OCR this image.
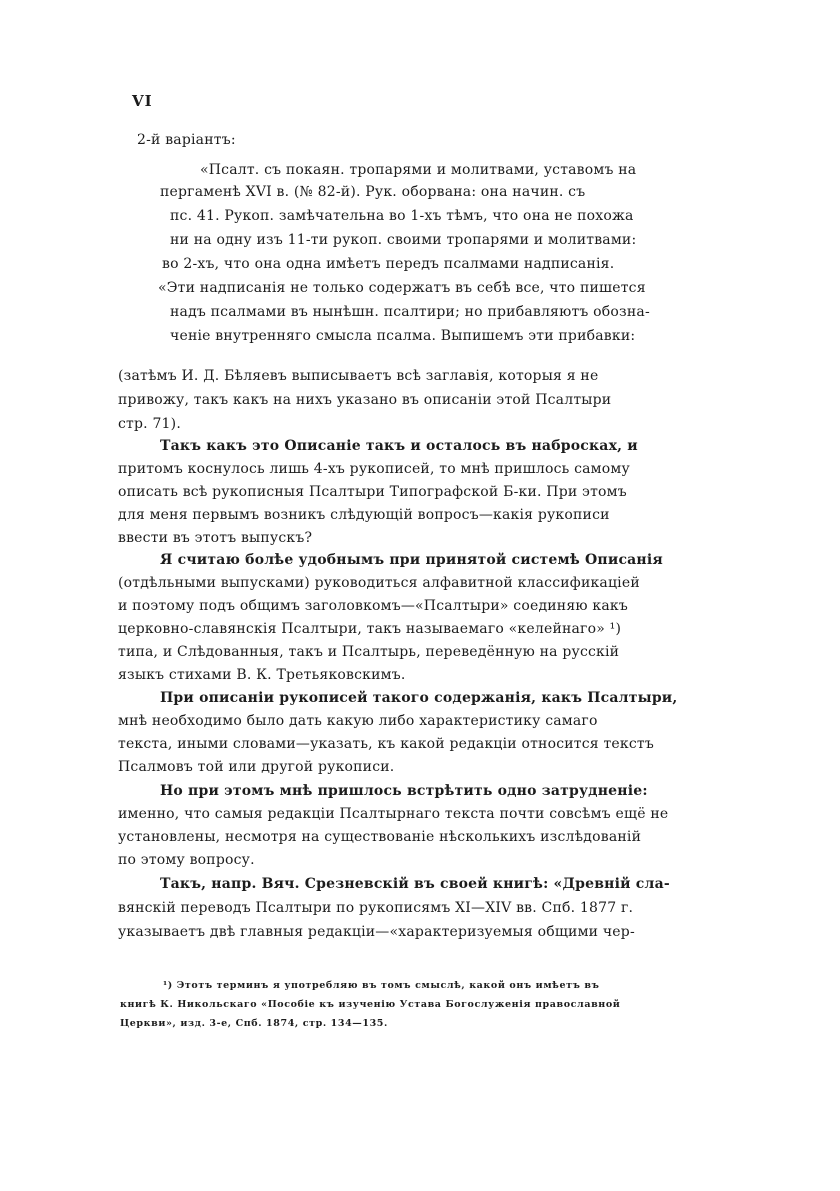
VI
2-й варіантъ:
«Псалт. съ покаян. тропарями и молитвами, уставомъ на
пергаменѣ XVI в. (№ 82-й). Рук. оборвана: она начин. съ
пс. 41. Рукоп. замѣчательна во 1-хъ тѣмъ, что она не похожа
ни на одну изъ 11-ти рукоп. своими тропарями и молитвами:
во 2-хъ, что она одна имѣетъ передъ псалмами надписанія.
«Эти надписанія не только содержатъ въ себѣ все, что пишется
надъ псалмами въ нынѣшн. псалтири; но прибавляютъ обозна-
ченіе внутренняго смысла псалма. Выпишемъ эти прибавки:
(затѣмъ И. Д. Бѣляевъ выписываетъ всѣ заглавія, которыя я не
привожу, такъ какъ на нихъ указано въ описаніи этой Псалтыри
стр. 71).
Такъ какъ это Описаніе такъ и осталось въ набросках, и
притомъ коснулось лишь 4-хъ рукописей, то мнѣ пришлось самому
описать всѣ рукописныя Псалтыри Типографской Б-ки. При этомъ
для меня первымъ возникъ слѣдующій вопросъ—какія рукописи
ввести въ этотъ выпускъ?
Я считаю болѣе удобнымъ при принятой системѣ Описанія
(отдѣльными выпусками) руководиться алфавитной классификаціей
и поэтому подъ общимъ заголовкомъ—«Псалтыри» соединяю какъ
церковно-славянскія Псалтыри, такъ называемаго «келейнаго» ¹)
типа, и Слѣдованныя, такъ и Псалтырь, переведённую на русскій
языкъ стихами В. К. Третьяковскимъ.
При описаніи рукописей такого содержанія, какъ Псалтыри,
мнѣ необходимо было дать какую либо характеристику самаго
текста, иными словами—указать, къ какой редакціи относится текстъ
Псалмовъ той или другой рукописи.
Но при этомъ мнѣ пришлось встрѣтить одно затрудненіе:
именно, что самыя редакціи Псалтырнаго текста почти совсѣмъ ещё не
установлены, несмотря на существованіе нѣсколькихъ изслѣдованій
по этому вопросу.
Такъ, напр. Вяч. Срезневскій въ своей книгѣ: «Древній сла-
вянскій переводъ Псалтыри по рукописямъ XI—XIV вв. Спб. 1877 г.
указываетъ двѣ главныя редакціи—«характеризуемыя общими чер-
¹) Этотъ терминъ я употребляю въ томъ смыслѣ, какой онъ имѣетъ въ
книгѣ К. Никольскаго «Пособіе къ изученію Устава Богослуженія православной
Церкви», изд. 3-е, Спб. 1874, стр. 134—135.
